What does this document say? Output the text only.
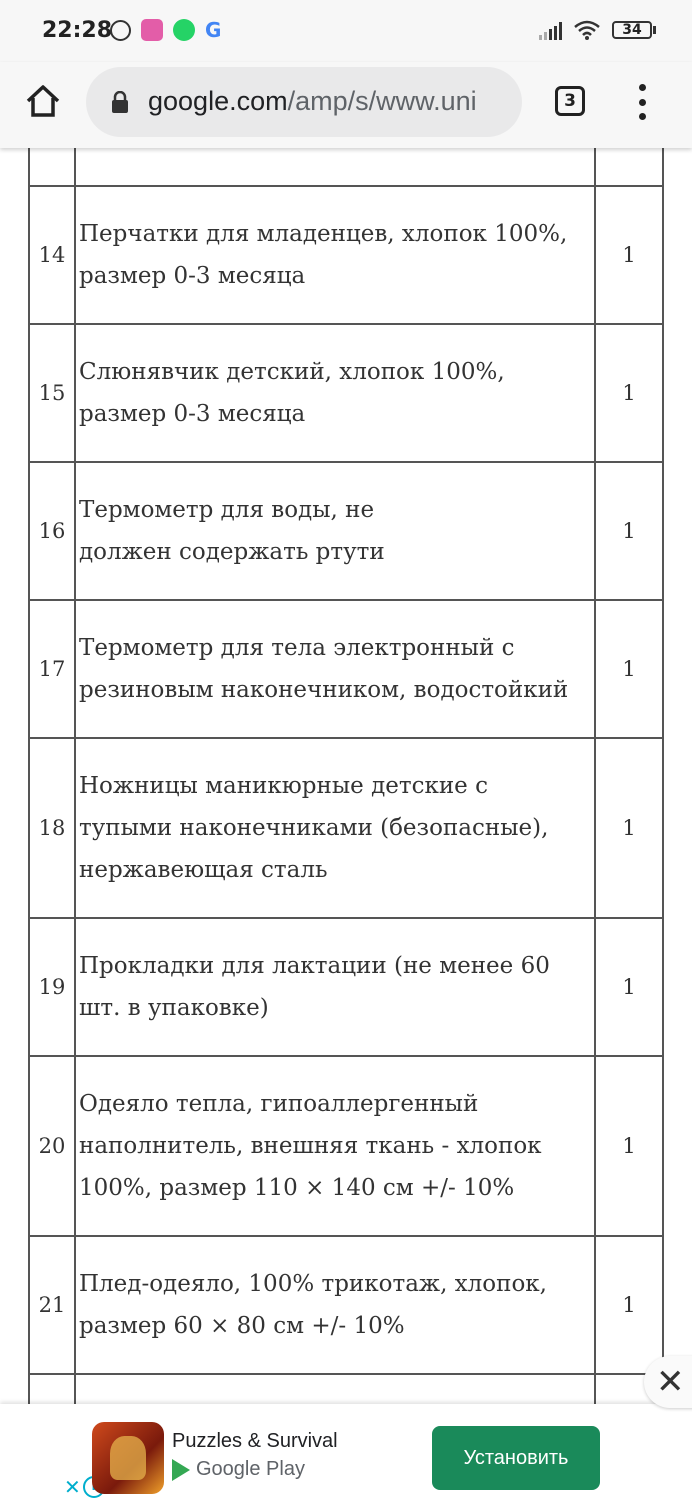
22:28	G	34
google.com/amp/s/www.uni	3

14	Перчатки для младенцев, хлопок 100%,
размер 0-3 месяца	1
15	Слюнявчик детский, хлопок 100%,
размер 0-3 месяца	1
16	Термометр для воды, не
должен содержать ртути	1
17	Термометр для тела электронный с
резиновым наконечником, водостойкий	1
18	Ножницы маникюрные детские с
тупыми наконечниками (безопасные),
нержавеющая сталь	1
19	Прокладки для лактации (не менее 60
шт. в упаковке)	1
20	Одеяло тепла, гипоаллергенный
наполнитель, внешняя ткань - хлопок
100%, размер 110 × 140 см +/- 10%	1
21	Плед-одеяло, 100% трикотаж, хлопок,
размер 60 × 80 см +/- 10%	1

✕
✕
Puzzles & Survival
Google Play	Установить
